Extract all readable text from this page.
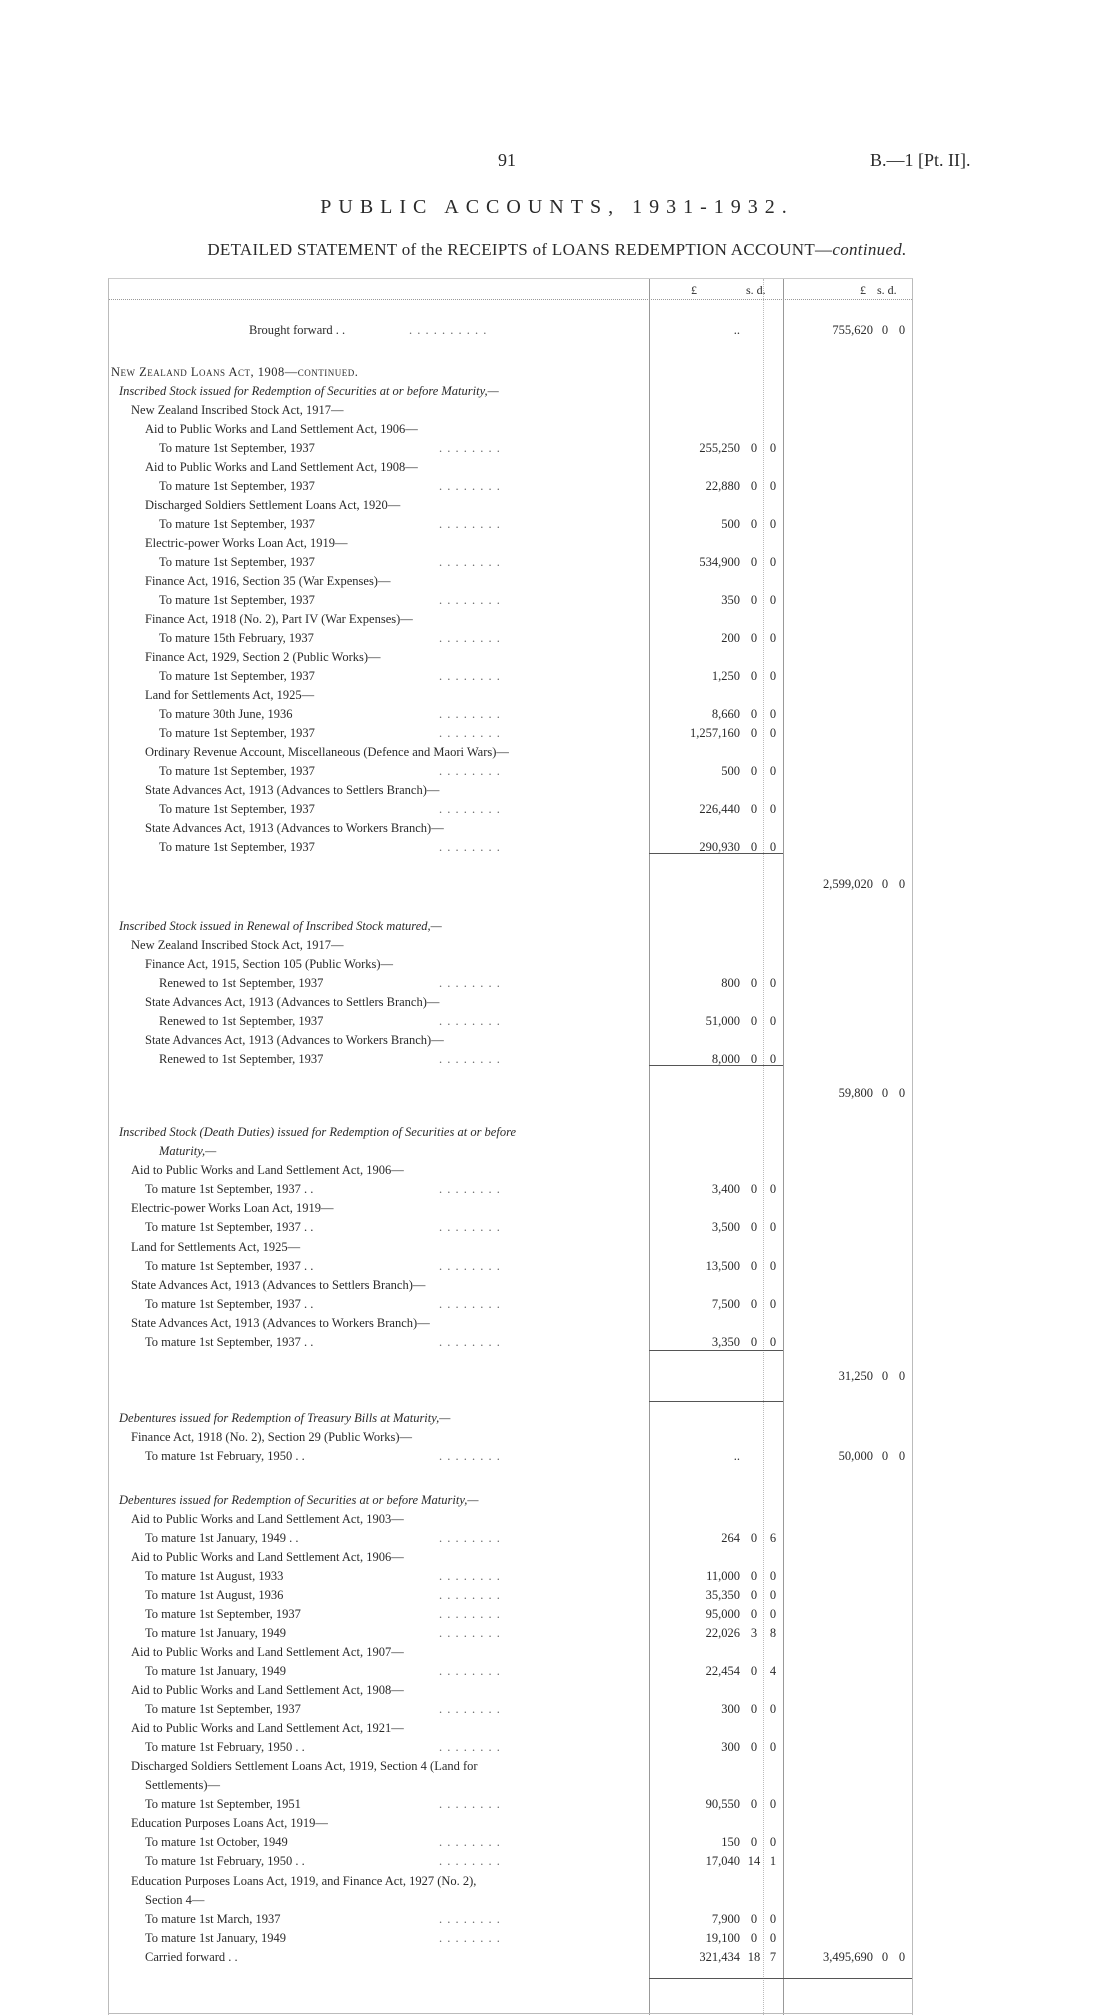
91	B.—1 [Pt. II].
PUBLIC ACCOUNTS, 1931-1932.
DETAILED STATEMENT of the RECEIPTS of LOANS REDEMPTION ACCOUNT—continued.
£	s. d.	£ s. d.
Brought forward . .	. . . . . . . . . .	..	755,620 0 0
New Zealand Loans Act, 1908—continued.
Inscribed Stock issued for Redemption of Securities at or before Maturity,—
New Zealand Inscribed Stock Act, 1917—
Aid to Public Works and Land Settlement Act, 1906—
To mature 1st September, 1937	. . . . . . . .	255,250 0	0
Aid to Public Works and Land Settlement Act, 1908—
To mature 1st September, 1937	. . . . . . . .	22,880 0	0
Discharged Soldiers Settlement Loans Act, 1920—
To mature 1st September, 1937	. . . . . . . .	500 0	0
Electric-power Works Loan Act, 1919—
To mature 1st September, 1937	. . . . . . . .	534,900 0	0
Finance Act, 1916, Section 35 (War Expenses)—
To mature 1st September, 1937	. . . . . . . .	350 0	0
Finance Act, 1918 (No. 2), Part IV (War Expenses)—
To mature 15th February, 1937	. . . . . . . .	200 0	0
Finance Act, 1929, Section 2 (Public Works)—
To mature 1st September, 1937	. . . . . . . .	1,250 0	0
Land for Settlements Act, 1925—
To mature 30th June, 1936	. . . . . . . .	8,660 0	0
To mature 1st September, 1937	. . . . . . . .	1,257,160 0	0
Ordinary Revenue Account, Miscellaneous (Defence and Maori Wars)—
To mature 1st September, 1937	. . . . . . . .	500 0	0
State Advances Act, 1913 (Advances to Settlers Branch)—
To mature 1st September, 1937	. . . . . . . .	226,440 0	0
State Advances Act, 1913 (Advances to Workers Branch)—
To mature 1st September, 1937	. . . . . . . .	290,930 0	0
2,599,020 0 0
Inscribed Stock issued in Renewal of Inscribed Stock matured,—
New Zealand Inscribed Stock Act, 1917—
Finance Act, 1915, Section 105 (Public Works)—
Renewed to 1st September, 1937	. . . . . . . .	800 0	0
State Advances Act, 1913 (Advances to Settlers Branch)—
Renewed to 1st September, 1937	. . . . . . . .	51,000 0	0
State Advances Act, 1913 (Advances to Workers Branch)—
Renewed to 1st September, 1937	. . . . . . . .	8,000 0	0
59,800 0 0
Inscribed Stock (Death Duties) issued for Redemption of Securities at or before
Maturity,—
Aid to Public Works and Land Settlement Act, 1906—
To mature 1st September, 1937 . .	. . . . . . . .	3,400 0	0
Electric-power Works Loan Act, 1919—
To mature 1st September, 1937 . .	. . . . . . . .	3,500 0	0
Land for Settlements Act, 1925—
To mature 1st September, 1937 . .	. . . . . . . .	13,500 0	0
State Advances Act, 1913 (Advances to Settlers Branch)—
To mature 1st September, 1937 . .	. . . . . . . .	7,500 0	0
State Advances Act, 1913 (Advances to Workers Branch)—
To mature 1st September, 1937 . .	. . . . . . . .	3,350 0	0
31,250 0 0
Debentures issued for Redemption of Treasury Bills at Maturity,—
Finance Act, 1918 (No. 2), Section 29 (Public Works)—
To mature 1st February, 1950 . .	. . . . . . . .	..	50,000 0 0
Debentures issued for Redemption of Securities at or before Maturity,—
Aid to Public Works and Land Settlement Act, 1903—
To mature 1st January, 1949 . .	. . . . . . . .	264 0	6
Aid to Public Works and Land Settlement Act, 1906—
To mature 1st August, 1933	. . . . . . . .	11,000 0	0
To mature 1st August, 1936	. . . . . . . .	35,350 0	0
To mature 1st September, 1937	. . . . . . . .	95,000 0	0
To mature 1st January, 1949	. . . . . . . .	22,026 3	8
Aid to Public Works and Land Settlement Act, 1907—
To mature 1st January, 1949	. . . . . . . .	22,454 0	4
Aid to Public Works and Land Settlement Act, 1908—
To mature 1st September, 1937	. . . . . . . .	300 0	0
Aid to Public Works and Land Settlement Act, 1921—
To mature 1st February, 1950 . .	. . . . . . . .	300 0	0
Discharged Soldiers Settlement Loans Act, 1919, Section 4 (Land for
Settlements)—
To mature 1st September, 1951	. . . . . . . .	90,550 0	0
Education Purposes Loans Act, 1919—
To mature 1st October, 1949	. . . . . . . .	150 0	0
To mature 1st February, 1950 . .	. . . . . . . .	17,040 14 1
Education Purposes Loans Act, 1919, and Finance Act, 1927 (No. 2),
Section 4—
To mature 1st March, 1937	. . . . . . . .	7,900 0	0
To mature 1st January, 1949	. . . . . . . .	19,100 0	0
Carried forward . .	321,434 18 7	3,495,690 0 0
